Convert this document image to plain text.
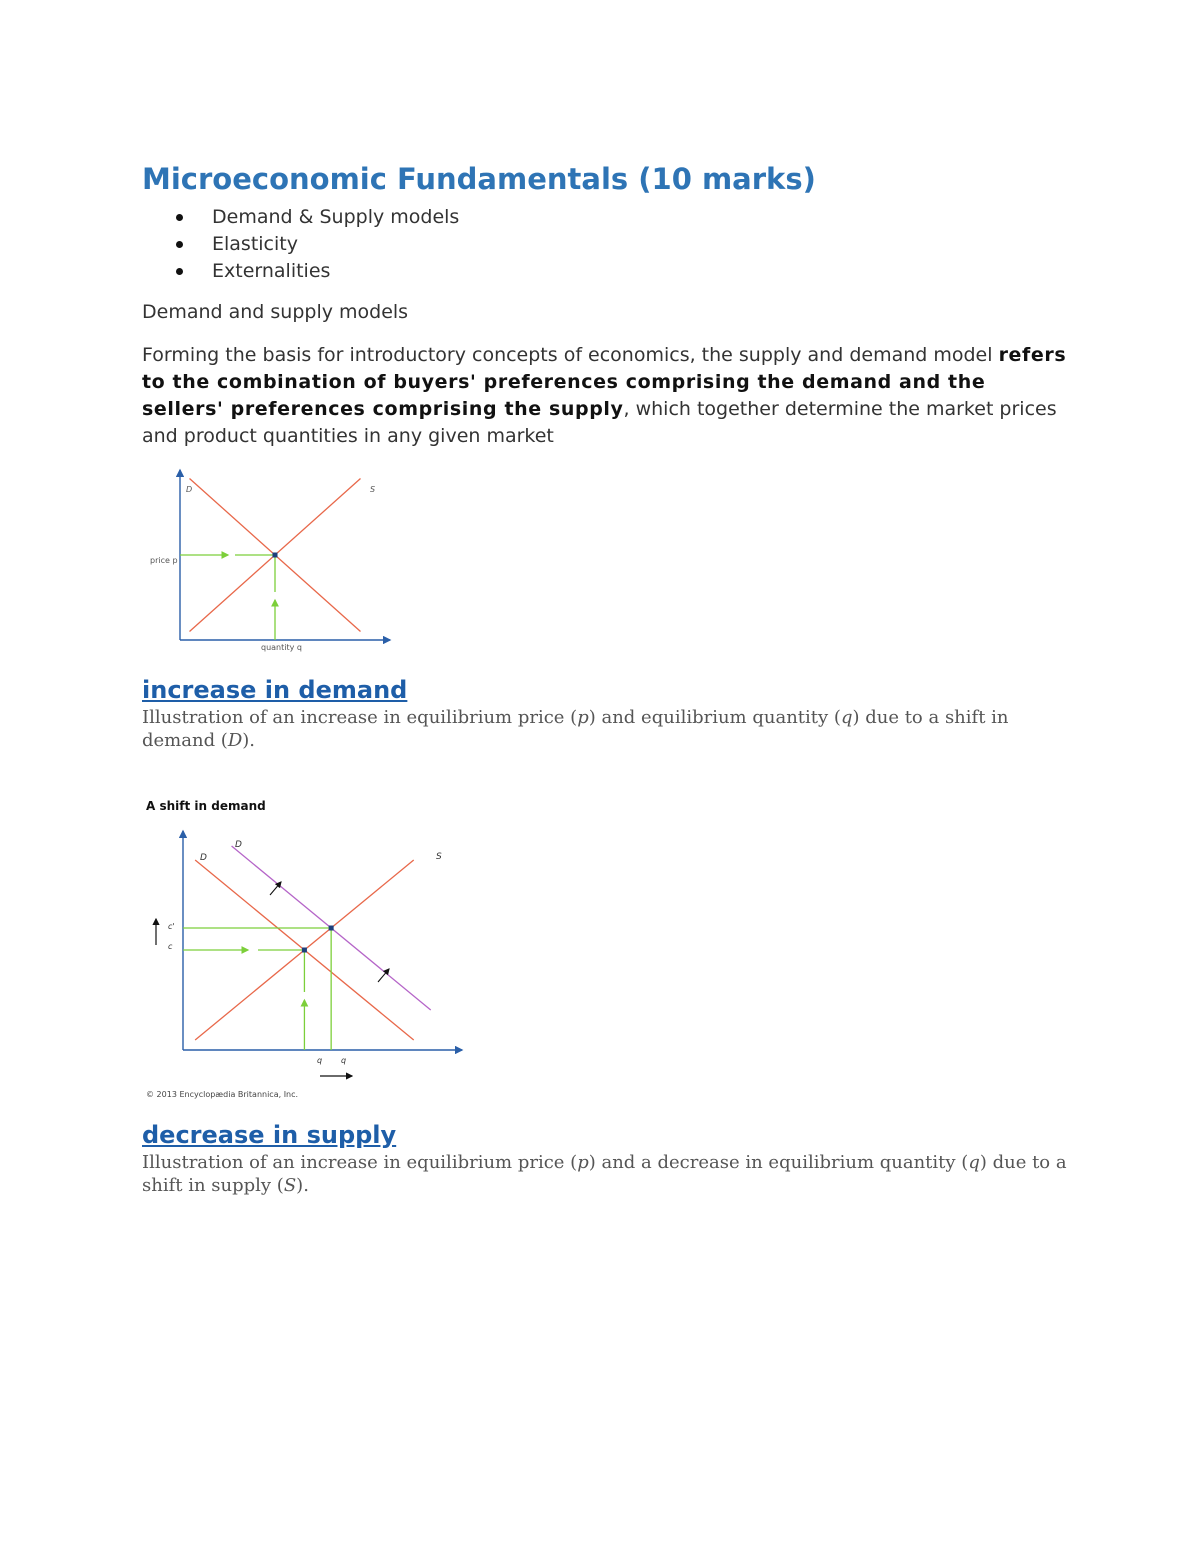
Microeconomic Fundamentals (10 marks)
Demand & Supply models
Elasticity
Externalities
Demand and supply models

Forming the basis for introductory concepts of economics, the supply and demand model refers to the combination of buyers' preferences comprising the demand and the sellers' preferences comprising the supply, which together determine the market prices and product quantities in any given market

D	S
price p
quantity q
increase in demand

Illustration of an increase in equilibrium price (p) and equilibrium quantity (q) due to a shift in demand (D).

A shift in demand
D
D
S
c'
c
q q
© 2013 Encyclopædia Britannica, Inc.
decrease in supply

Illustration of an increase in equilibrium price (p) and a decrease in equilibrium quantity (q) due to a shift in supply (S).
